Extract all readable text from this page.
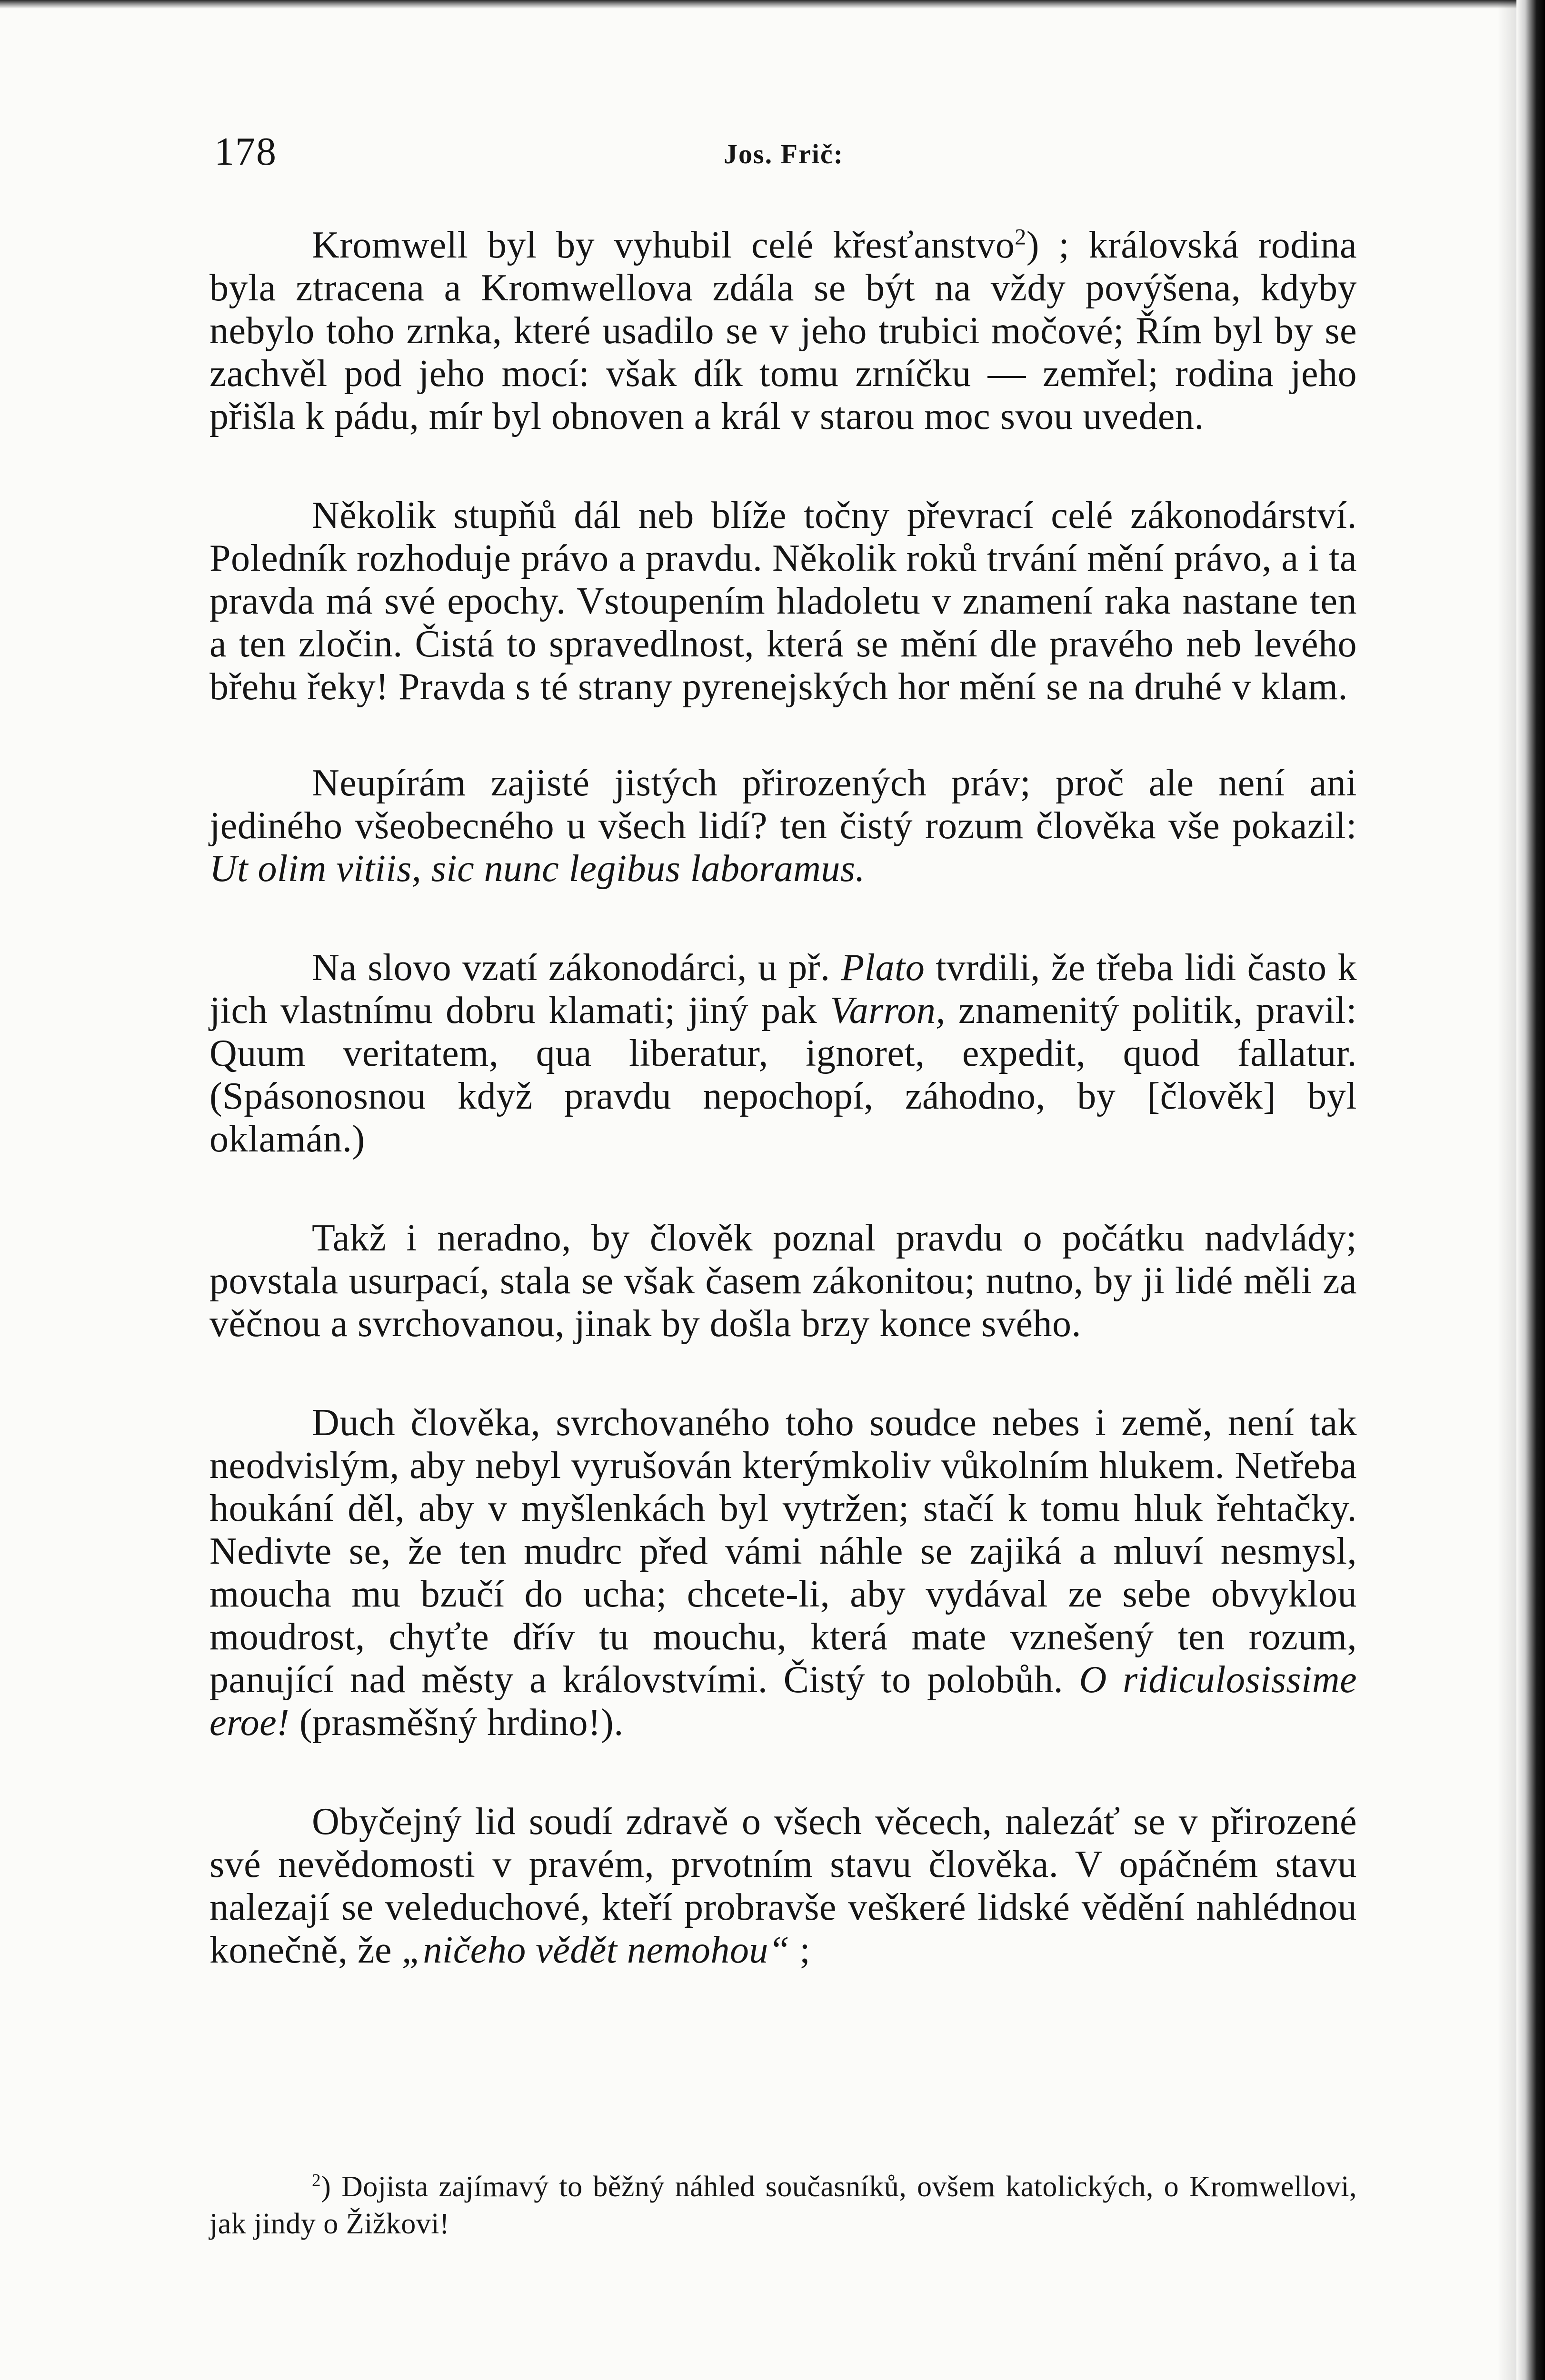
178	Jos. Frič:

Kromwell byl by vyhubil celé křesťanstvo$^2$) ; královská rodina byla ztracena a Kromwellova zdála se být na vždy povýšena, kdyby nebylo toho zrnka, které usadilo se v jeho trubici močové; Řím byl by se zachvěl pod jeho mocí: však dík tomu zrníčku — zemřel; rodina jeho přišla k pádu, mír byl obnoven a král v starou moc svou uveden.

Několik stupňů dál neb blíže točny převrací celé zákonodárství. Poledník rozhoduje právo a pravdu. Několik roků trvání mění právo, a i ta pravda má své epochy. Vstoupením hladoletu v znamení raka nastane ten a ten zločin. Čistá to spravedlnost, která se mění dle pravého neb levého břehu řeky! Pravda s té strany pyrenejských hor mění se na druhé v klam.

Neupírám zajisté jistých přirozených práv; proč ale není ani jediného všeobecného u všech lidí? ten čistý rozum člověka vše pokazil: Ut olim vitiis, sic nunc legibus laboramus.

Na slovo vzatí zákonodárci, u př. Plato tvrdili, že třeba lidi často k jich vlastnímu dobru klamati; jiný pak Varron, znamenitý politik, pravil: Quum veritatem, qua liberatur, ignoret, expedit, quod fallatur. (Spásonosnou když pravdu nepochopí, záhodno, by [člověk] byl oklamán.)

Takž i neradno, by člověk poznal pravdu o počátku nadvlády; povstala usurpací, stala se však časem zákonitou; nutno, by ji lidé měli za věčnou a svrchovanou, jinak by došla brzy konce svého.

Duch člověka, svrchovaného toho soudce nebes i země, není tak neodvislým, aby nebyl vyrušován kterýmkoliv vůkolním hlukem. Netřeba houkání děl, aby v myšlenkách byl vytržen; stačí k tomu hluk řehtačky. Nedivte se, že ten mudrc před vámi náhle se zajiká a mluví nesmysl, moucha mu bzučí do ucha; chcete-li, aby vydával ze sebe obvyklou moudrost, chyťte dřív tu mouchu, která mate vznešený ten rozum, panující nad městy a královstvími. Čistý to polobůh. O ridiculosissime eroe! (prasměšný hrdino!).

Obyčejný lid soudí zdravě o všech věcech, nalezáť se v přirozené své nevědomosti v pravém, prvotním stavu člověka. V opáčném stavu nalezají se veleduchové, kteří probravše veškeré lidské vědění nahlédnou konečně, že „ničeho vědět nemohou“ ;

$^2$) Dojista zajímavý to běžný náhled současníků, ovšem katolických, o Kromwellovi, jak jindy o Žižkovi!
